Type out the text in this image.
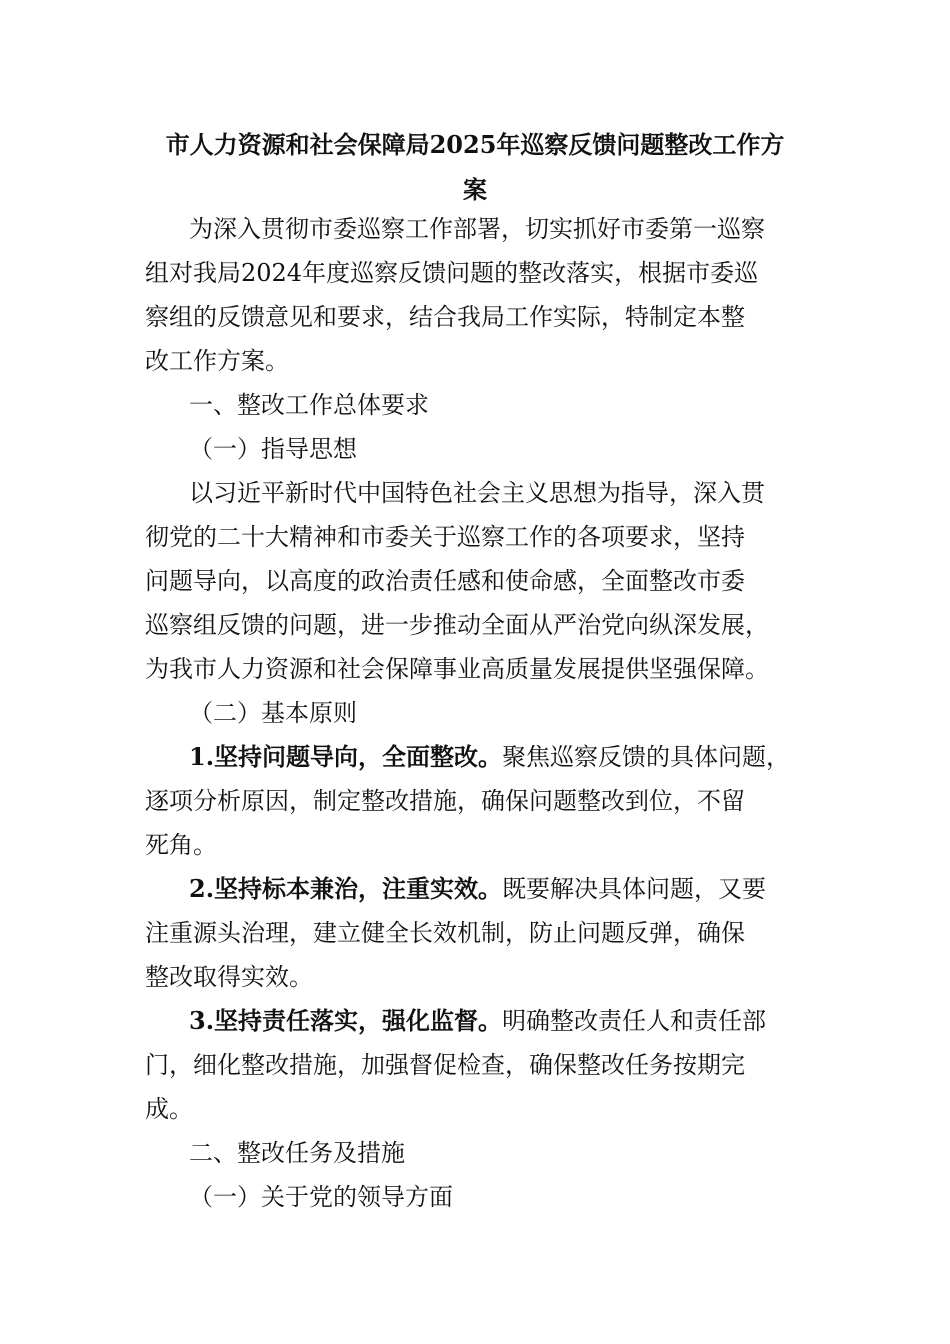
市人力资源和社会保障局2025年巡察反馈问题整改工作方
案

为深入贯彻市委巡察工作部署，切实抓好市委第一巡察

组对我局2024年度巡察反馈问题的整改落实，根据市委巡

察组的反馈意见和要求，结合我局工作实际，特制定本整

改工作方案。

一、整改工作总体要求

（一）指导思想

以习近平新时代中国特色社会主义思想为指导，深入贯

彻党的二十大精神和市委关于巡察工作的各项要求，坚持

问题导向，以高度的政治责任感和使命感，全面整改市委

巡察组反馈的问题，进一步推动全面从严治党向纵深发展，

为我市人力资源和社会保障事业高质量发展提供坚强保障。

（二）基本原则

1.坚持问题导向，全面整改。聚焦巡察反馈的具体问题，

逐项分析原因，制定整改措施，确保问题整改到位，不留

死角。

2.坚持标本兼治，注重实效。既要解决具体问题，又要

注重源头治理，建立健全长效机制，防止问题反弹，确保

整改取得实效。

3.坚持责任落实，强化监督。明确整改责任人和责任部

门，细化整改措施，加强督促检查，确保整改任务按期完

成。

二、整改任务及措施

（一）关于党的领导方面
